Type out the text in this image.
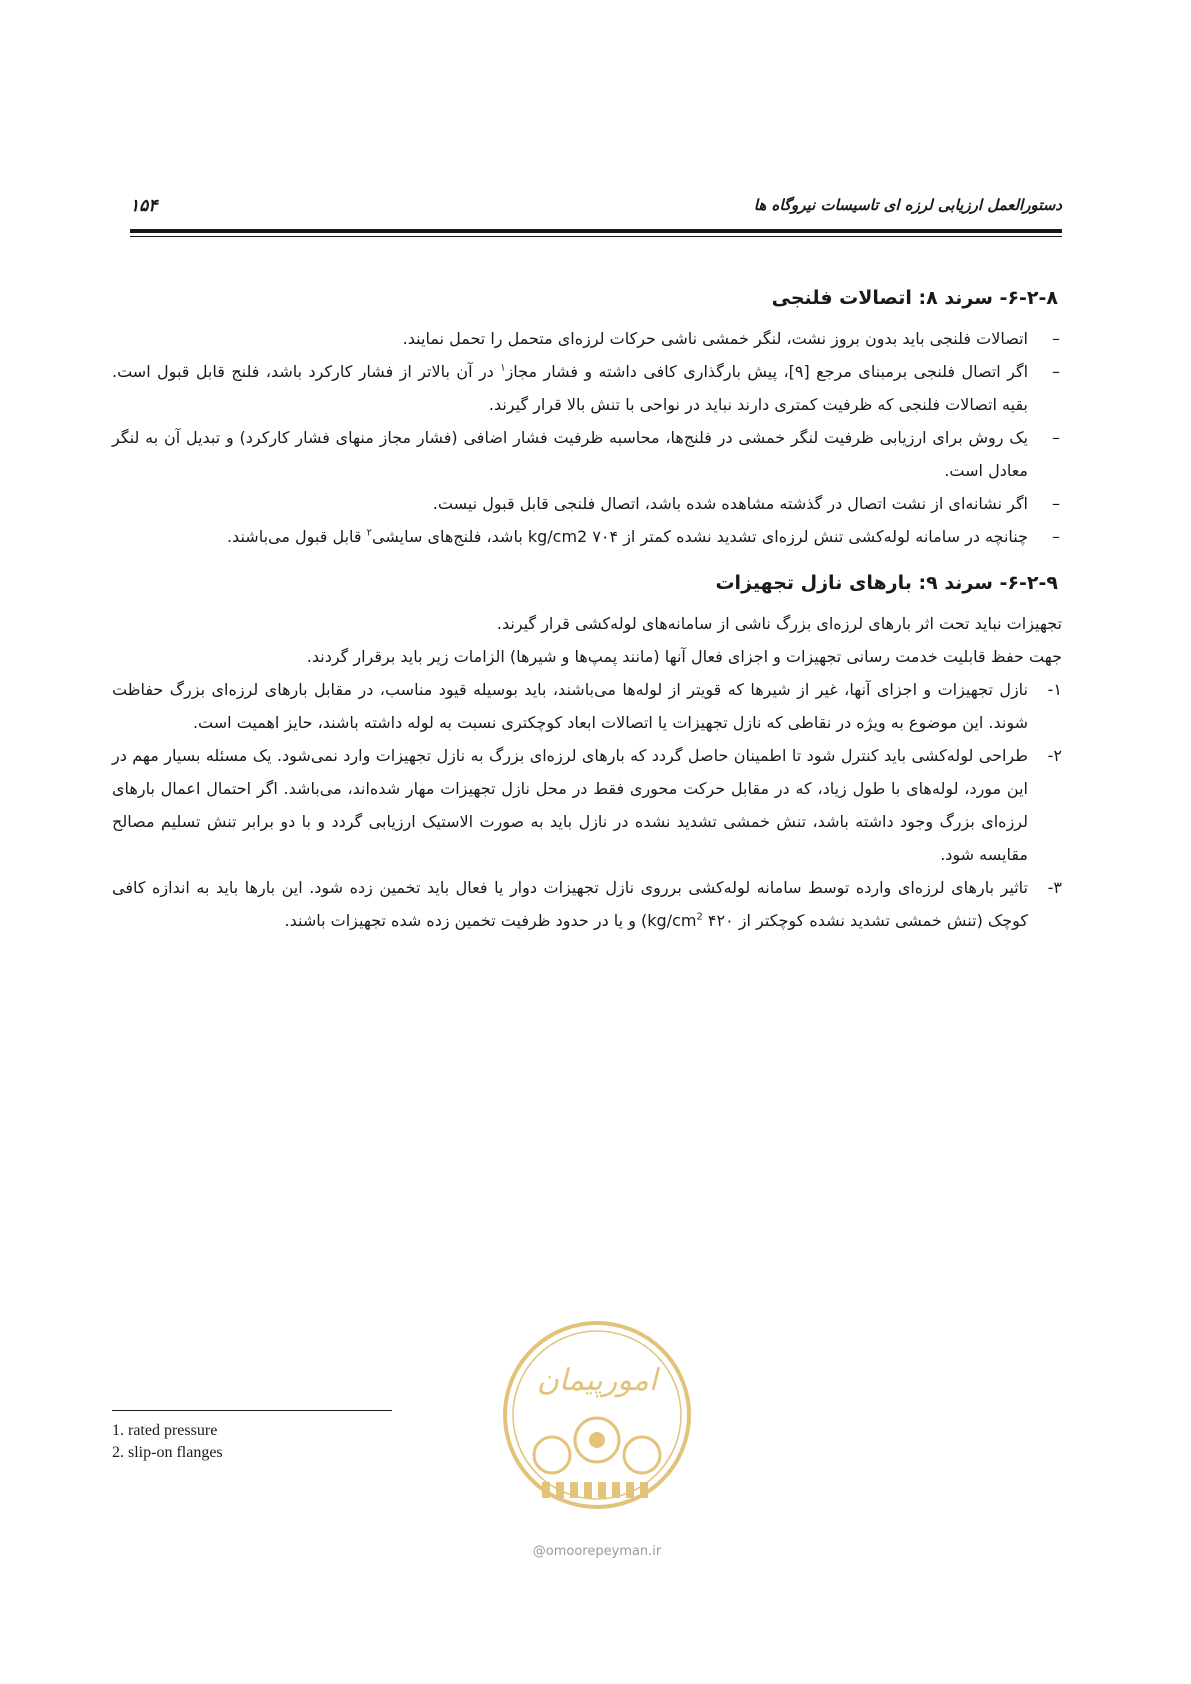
۱۵۴	دستورالعمل ارزیابی لرزه ای تاسیسات نیروگاه ها
۶-۲-۸- سرند ۸: اتصالات فلنجی
– اتصالات فلنجی باید بدون بروز نشت، لنگر خمشی ناشی حرکات لرزه‌ای متحمل را تحمل نمایند.
– اگر اتصال فلنجی برمبنای مرجع [۹]، پیش بارگذاری کافی داشته و فشار مجاز$^۱$ در آن بالاتر از فشار کارکرد باشد، فلنج قابل قبول است. بقیه اتصالات فلنجی که ظرفیت کمتری دارند نباید در نواحی با تنش بالا قرار گیرند.
– یک روش برای ارزیابی ظرفیت لنگر خمشی در فلنج‌ها، محاسبه ظرفیت فشار اضافی (فشار مجاز منهای فشار کارکرد) و تبدیل آن به لنگر معادل است.
– اگر نشانه‌ای از نشت اتصال در گذشته مشاهده شده باشد، اتصال فلنجی قابل قبول نیست.
– چنانچه در سامانه لوله‌کشی تنش لرزه‌ای تشدید نشده کمتر از ۷۰۴ kg/cm2 باشد، فلنج‌های سایشی$^۲$ قابل قبول می‌باشند.
۶-۲-۹- سرند ۹: بارهای نازل تجهیزات

تجهیزات نباید تحت اثر بارهای لرزه‌ای بزرگ ناشی از سامانه‌های لوله‌کشی قرار گیرند.

جهت حفظ قابلیت خدمت رسانی تجهیزات و اجزای فعال آنها (مانند پمپ‌ها و شیرها) الزامات زیر باید برقرار گردند.

۱-
نازل تجهیزات و اجزای آنها، غیر از شیرها که قویتر از لوله‌ها می‌باشند، باید بوسیله قیود مناسب، در مقابل بارهای لرزه‌ای بزرگ حفاظت شوند. این موضوع به ویژه در نقاطی که نازل تجهیزات یا اتصالات ابعاد کوچکتری نسبت به لوله داشته باشند، حایز اهمیت است.
۲-
طراحی لوله‌کشی باید کنترل شود تا اطمینان حاصل گردد که بارهای لرزه‌ای بزرگ به نازل تجهیزات وارد نمی‌شود. یک مسئله بسیار مهم در این مورد، لوله‌های با طول زیاد، که در مقابل حرکت محوری فقط در محل نازل تجهیزات مهار شده‌اند، می‌باشد. اگر احتمال اعمال بارهای لرزه‌ای بزرگ وجود داشته باشد، تنش خمشی تشدید نشده در نازل باید به صورت الاستیک ارزیابی گردد و با دو برابر تنش تسلیم مصالح مقایسه شود.
۳-
تاثیر بارهای لرزه‌ای وارده توسط سامانه لوله‌کشی برروی نازل تجهیزات دوار یا فعال باید تخمین زده شود. این بارها باید به اندازه کافی کوچک (تنش خمشی تشدید نشده کوچکتر از ۴۲۰ $kg/cm^2$) و یا در حدود ظرفیت تخمین زده شده تجهیزات باشند.
1. rated pressure
2. slip-on flanges
امورپیمان
@omoorepeyman.ir
